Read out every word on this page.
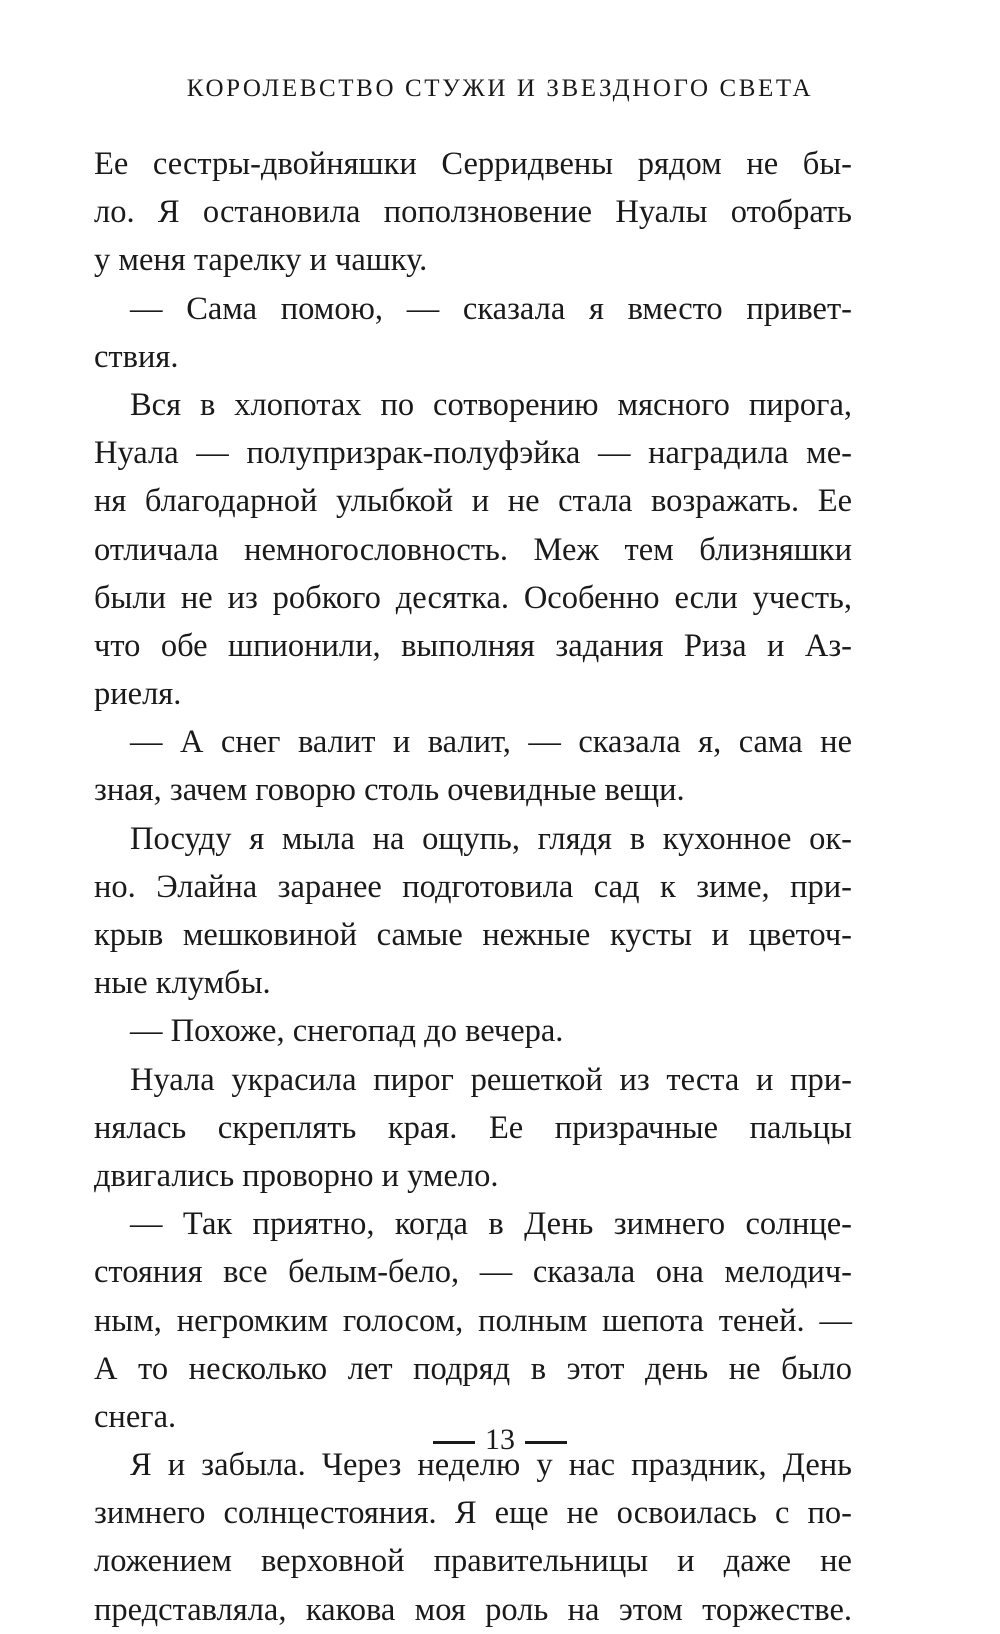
КОРОЛЕВСТВО СТУЖИ И ЗВЕЗДНОГО СВЕТА
Ее сестры-двойняшки Серридвены рядом не бы-
ло. Я остановила поползновение Нуалы отобрать
у меня тарелку и чашку.
— Сама помою, — сказала я вместо привет-
ствия.
Вся в хлопотах по сотворению мясного пирога,
Нуала — полупризрак-полуфэйка — наградила ме-
ня благодарной улыбкой и не стала возражать. Ее
отличала немногословность. Меж тем близняшки
были не из робкого десятка. Особенно если учесть,
что обе шпионили, выполняя задания Риза и Аз-
риеля.
— А снег валит и валит, — сказала я, сама не
зная, зачем говорю столь очевидные вещи.
Посуду я мыла на ощупь, глядя в кухонное ок-
но. Элайна заранее подготовила сад к зиме, при-
крыв мешковиной самые нежные кусты и цветоч-
ные клумбы.
— Похоже, снегопад до вечера.
Нуала украсила пирог решеткой из теста и при-
нялась скреплять края. Ее призрачные пальцы
двигались проворно и умело.
— Так приятно, когда в День зимнего солнце-
стояния все белым-бело, — сказала она мелодич-
ным, негромким голосом, полным шепота теней. —
А то несколько лет подряд в этот день не было
снега.
Я и забыла. Через неделю у нас праздник, День
зимнего солнцестояния. Я еще не освоилась с по-
ложением верховной правительницы и даже не
представляла, какова моя роль на этом торжестве.
13
